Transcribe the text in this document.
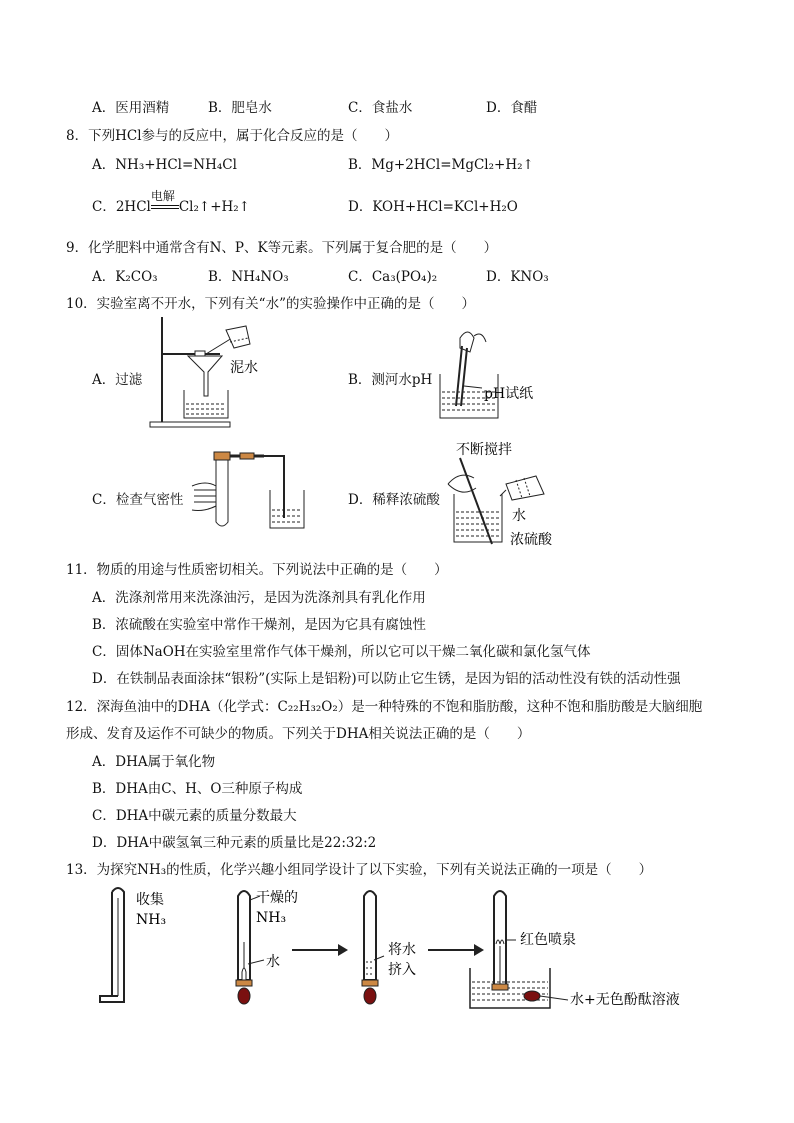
A．医用酒精	B．肥皂水	C．食盐水	D．食醋
8．下列HCl参与的反应中，属于化合反应的是（　　）
A．NH₃+HCl=NH₄Cl	B．Mg+2HCl=MgCl₂+H₂↑
C．2HCl
电解
Cl₂↑+H₂↑	D．KOH+HCl=KCl+H₂O
9．化学肥料中通常含有N、P、K等元素。下列属于复合肥的是（　　）
A．K₂CO₃	B．NH₄NO₃	C．Ca₃(PO₄)₂	D．KNO₃
10．实验室离不开水，下列有关“水”的实验操作中正确的是（　　）
A．过滤	B．测河水pH
C．检查气密性	D．稀释浓硫酸
泥水
pH试纸
不断搅拌
水
浓硫酸
11．物质的用途与性质密切相关。下列说法中正确的是（　　）
A．洗涤剂常用来洗涤油污，是因为洗涤剂具有乳化作用
B．浓硫酸在实验室中常作干燥剂，是因为它具有腐蚀性
C．固体NaOH在实验室里常作气体干燥剂，所以它可以干燥二氧化碳和氯化氢气体
D．在铁制品表面涂抹“银粉”(实际上是铝粉)可以防止它生锈，是因为铝的活动性没有铁的活动性强
12．深海鱼油中的DHA（化学式：C₂₂H₃₂O₂）是一种特殊的不饱和脂肪酸，这种不饱和脂肪酸是大脑细胞
形成、发育及运作不可缺少的物质。下列关于DHA相关说法正确的是（　　）
A．DHA属于氧化物
B．DHA由C、H、O三种原子构成
C．DHA中碳元素的质量分数最大
D．DHA中碳氢氧三种元素的质量比是22:32:2
13．为探究NH₃的性质，化学兴趣小组同学设计了以下实验，下列有关说法正确的一项是（　　）
收集
NH₃
干燥的
NH₃
水
将水
挤入
红色喷泉
水+无色酚酞溶液
